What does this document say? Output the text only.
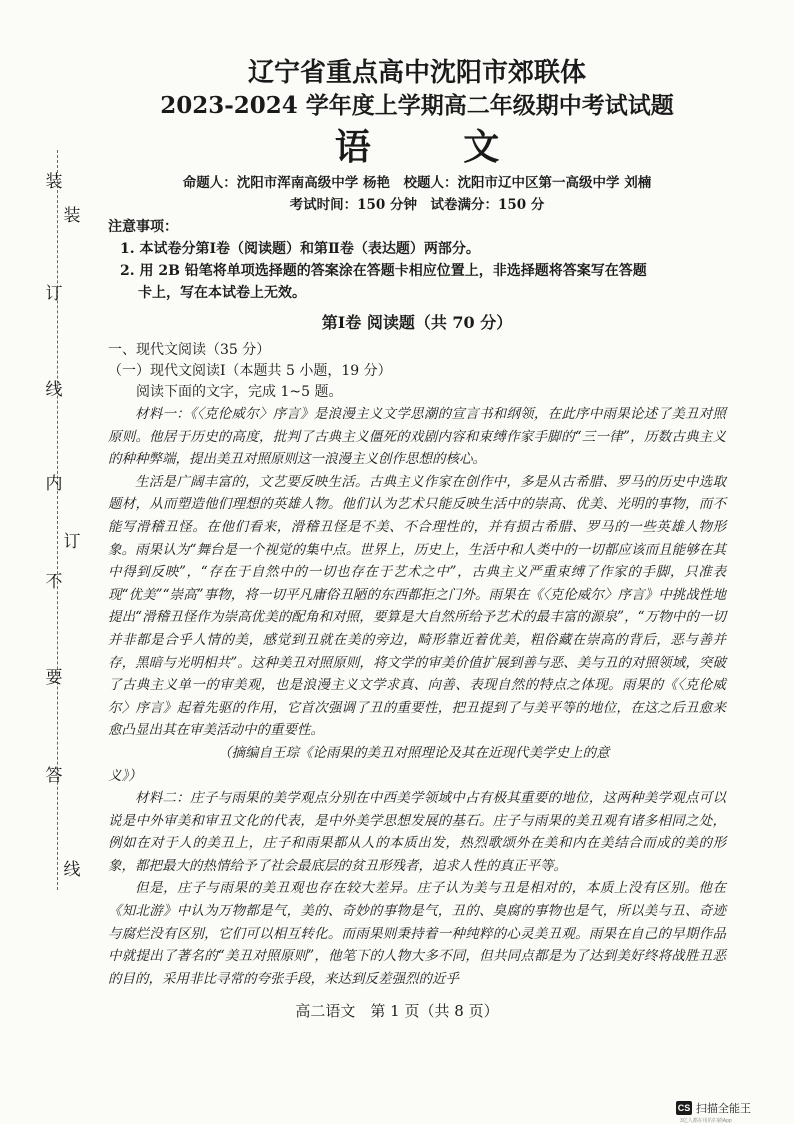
装
订
线
内
不
要
答
装
订
线

辽宁省重点高中沈阳市郊联体

2023-2024 学年度上学期高二年级期中考试试题

语 文

命题人：沈阳市浑南高级中学 杨艳　校题人：沈阳市辽中区第一高级中学 刘楠

考试时间：150 分钟　试卷满分：150 分

注意事项：

1. 本试卷分第Ⅰ卷（阅读题）和第Ⅱ卷（表达题）两部分。

2. 用 2B 铅笔将单项选择题的答案涂在答题卡相应位置上，非选择题将答案写在答题

卡上，写在本试卷上无效。

第Ⅰ卷 阅读题（共 70 分）

一、现代文阅读（35 分）

（一）现代文阅读Ⅰ（本题共 5 小题，19 分）

阅读下面的文字，完成 1~5 题。

材料一：《〈克伦威尔〉序言》是浪漫主义文学思潮的宣言书和纲领，在此序中雨果论述了美丑对照原则。他居于历史的高度，批判了古典主义僵死的戏剧内容和束缚作家手脚的“三一律”，历数古典主义的种种弊端，提出美丑对照原则这一浪漫主义创作思想的核心。

生活是广阔丰富的，文艺要反映生活。古典主义作家在创作中，多是从古希腊、罗马的历史中选取题材，从而塑造他们理想的英雄人物。他们认为艺术只能反映生活中的崇高、优美、光明的事物，而不能写滑稽丑怪。在他们看来，滑稽丑怪是不美、不合理性的，并有损古希腊、罗马的一些英雄人物形象。雨果认为“舞台是一个视觉的集中点。世界上，历史上，生活中和人类中的一切都应该而且能够在其中得到反映”，“存在于自然中的一切也存在于艺术之中”，古典主义严重束缚了作家的手脚，只准表现“优美”“崇高”事物，将一切平凡庸俗丑陋的东西都拒之门外。雨果在《〈克伦威尔〉序言》中挑战性地提出“滑稽丑怪作为崇高优美的配角和对照，要算是大自然所给予艺术的最丰富的源泉”，“万物中的一切并非都是合乎人情的美，感觉到丑就在美的旁边，畸形靠近着优美，粗俗藏在崇高的背后，恶与善并存，黑暗与光明相共”。这种美丑对照原则，将文学的审美价值扩展到善与恶、美与丑的对照领域，突破了古典主义单一的审美观，也是浪漫主义文学求真、向善、表现自然的特点之体现。雨果的《〈克伦威尔〉序言》起着先驱的作用，它首次强调了丑的重要性，把丑提到了与美平等的地位，在这之后丑愈来愈凸显出其在审美活动中的重要性。

（摘编自王琮《论雨果的美丑对照理论及其在近现代美学史上的意

义》）

材料二：庄子与雨果的美学观点分别在中西美学领域中占有极其重要的地位，这两种美学观点可以说是中外审美和审丑文化的代表，是中外美学思想发展的基石。庄子与雨果的美丑观有诸多相同之处，例如在对于人的美丑上，庄子和雨果都从人的本质出发，热烈歌颂外在美和内在美结合而成的美的形象，都把最大的热情给予了社会最底层的贫丑形残者，追求人性的真正平等。

但是，庄子与雨果的美丑观也存在较大差异。庄子认为美与丑是相对的，本质上没有区别。他在《知北游》中认为万物都是气，美的、奇妙的事物是气，丑的、臭腐的事物也是气，所以美与丑、奇迹与腐烂没有区别，它们可以相互转化。而雨果则秉持着一种纯粹的心灵美丑观。雨果在自己的早期作品中就提出了著名的“美丑对照原则”，他笔下的人物大多不同，但共同点都是为了达到美好终将战胜丑恶的目的，采用非比寻常的夸张手段，来达到反差强烈的近乎

高二语文　第 1 页（共 8 页）
CS 扫描全能王
3亿人都在用的扫描App
